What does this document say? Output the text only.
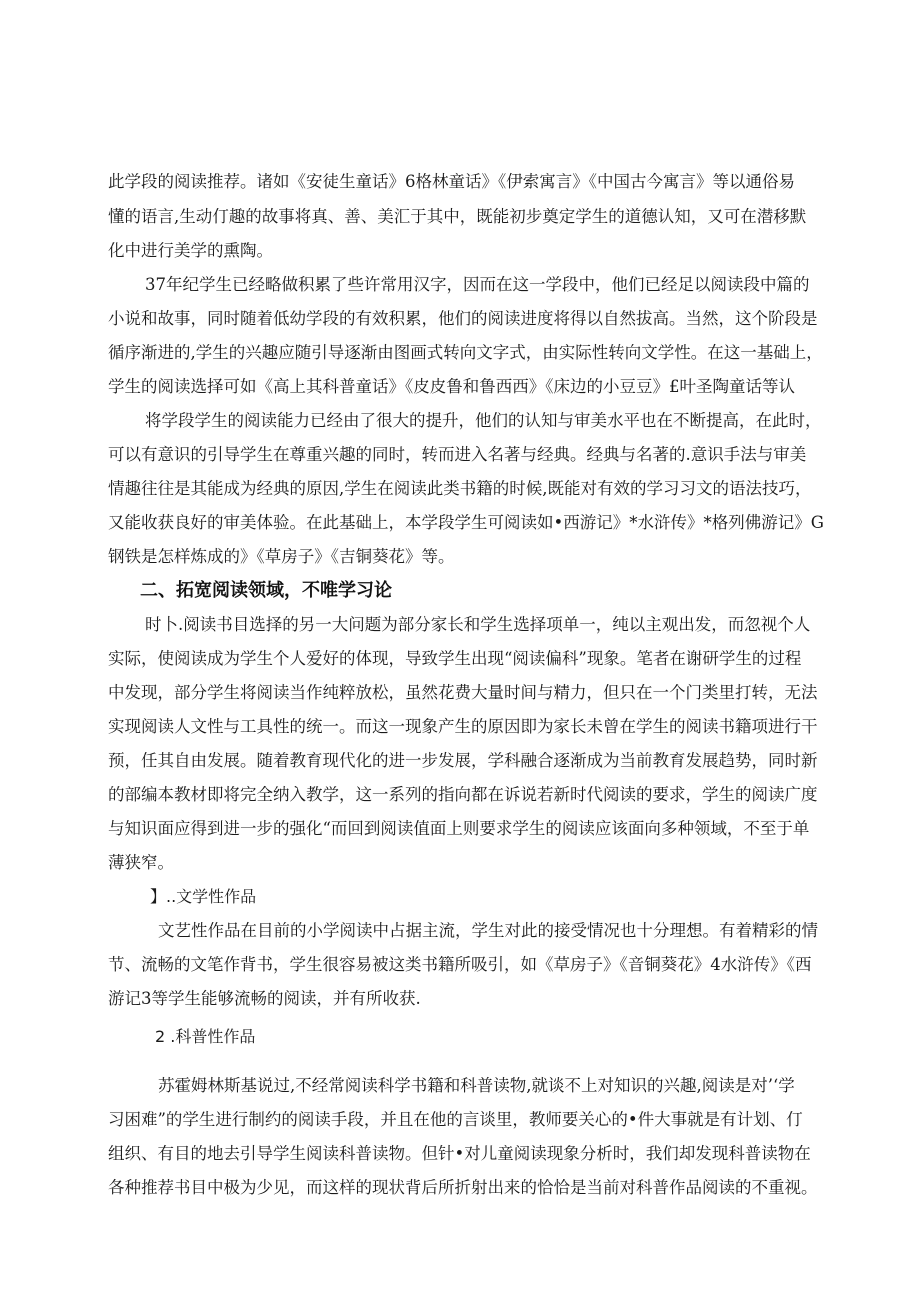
此学段的阅读推荐。诸如《安徒生童话》6格林童话》《伊索寓言》《中国古今寓言》等以通俗易
懂的语言,生动仃趣的故事将真、善、美汇于其中，既能初步奠定学生的道德认知，又可在潜移默
化中进行美学的熏陶。
37年纪学生已经略做积累了些许常用汉字，因而在这一学段中，他们已经足以阅读段中篇的
小说和故事，同时随着低幼学段的有效积累，他们的阅读进度将得以自然拔高。当然，这个阶段是
循序渐进的,学生的兴趣应随引导逐渐由图画式转向文字式，由实际性转向文学性。在这一基础上，
学生的阅读选择可如《高上其科普童话》《皮皮鲁和鲁西西》《床边的小豆豆》£叶圣陶童话等认
将学段学生的阅读能力已经由了很大的提升，他们的认知与审美水平也在不断提高，在此时，
可以有意识的引导学生在尊重兴趣的同时，转而进入名著与经典。经典与名著的.意识手法与审美
情趣往往是其能成为经典的原因,学生在阅读此类书籍的时候,既能对有效的学习习文的语法技巧，
又能收获良好的审美体验。在此基础上，本学段学生可阅读如•西游记》*水浒传》*格列佛游记》G
钢铁是怎样炼成的》《草房子》《吉铜葵花》等。
二、拓宽阅读领域，不唯学习论
时卜.阅读书目选择的另一大问题为部分家长和学生选择项单一，纯以主观出发，而忽视个人
实际，使阅读成为学生个人爱好的体现，导致学生出现“阅读偏科”现象。笔者在谢研学生的过程
中发现，部分学生将阅读当作纯粹放松，虽然花费大量时间与精力，但只在一个门类里打转，无法
实现阅读人文性与工具性的统一。而这一现象产生的原因即为家长未曾在学生的阅读书籍项进行干
预，任其自由发展。随着教育现代化的进一步发展，学科融合逐渐成为当前教育发展趋势，同时新
的部编本教材即将完全纳入教学，这一系列的指向都在诉说若新时代阅读的要求，学生的阅读广度
与知识面应得到进一步的强化“而回到阅读值面上则要求学生的阅读应该面向多种领域，不至于单
薄狭窄。
】..文学性作品
文艺性作品在目前的小学阅读中占据主流，学生对此的接受情况也十分理想。有着精彩的情
节、流畅的文笔作背书，学生很容易被这类书籍所吸引，如《草房子》《音铜葵花》4水浒传》《西
游记3等学生能够流畅的阅读，并有所收获.
2 .科普性作品
苏霍姆林斯基说过,不经常阅读科学书籍和科普读物,就谈不上对知识的兴趣,阅读是对’‘学
习困难”的学生进行制约的阅读手段，并且在他的言谈里，教师要关心的•件大事就是有计划、仃
组织、有目的地去引导学生阅读科普读物。但针•对儿童阅读现象分析时，我们却发现科普读物在
各种推荐书目中极为少见，而这样的现状背后所折射出来的恰恰是当前对科普作品阅读的不重视。
